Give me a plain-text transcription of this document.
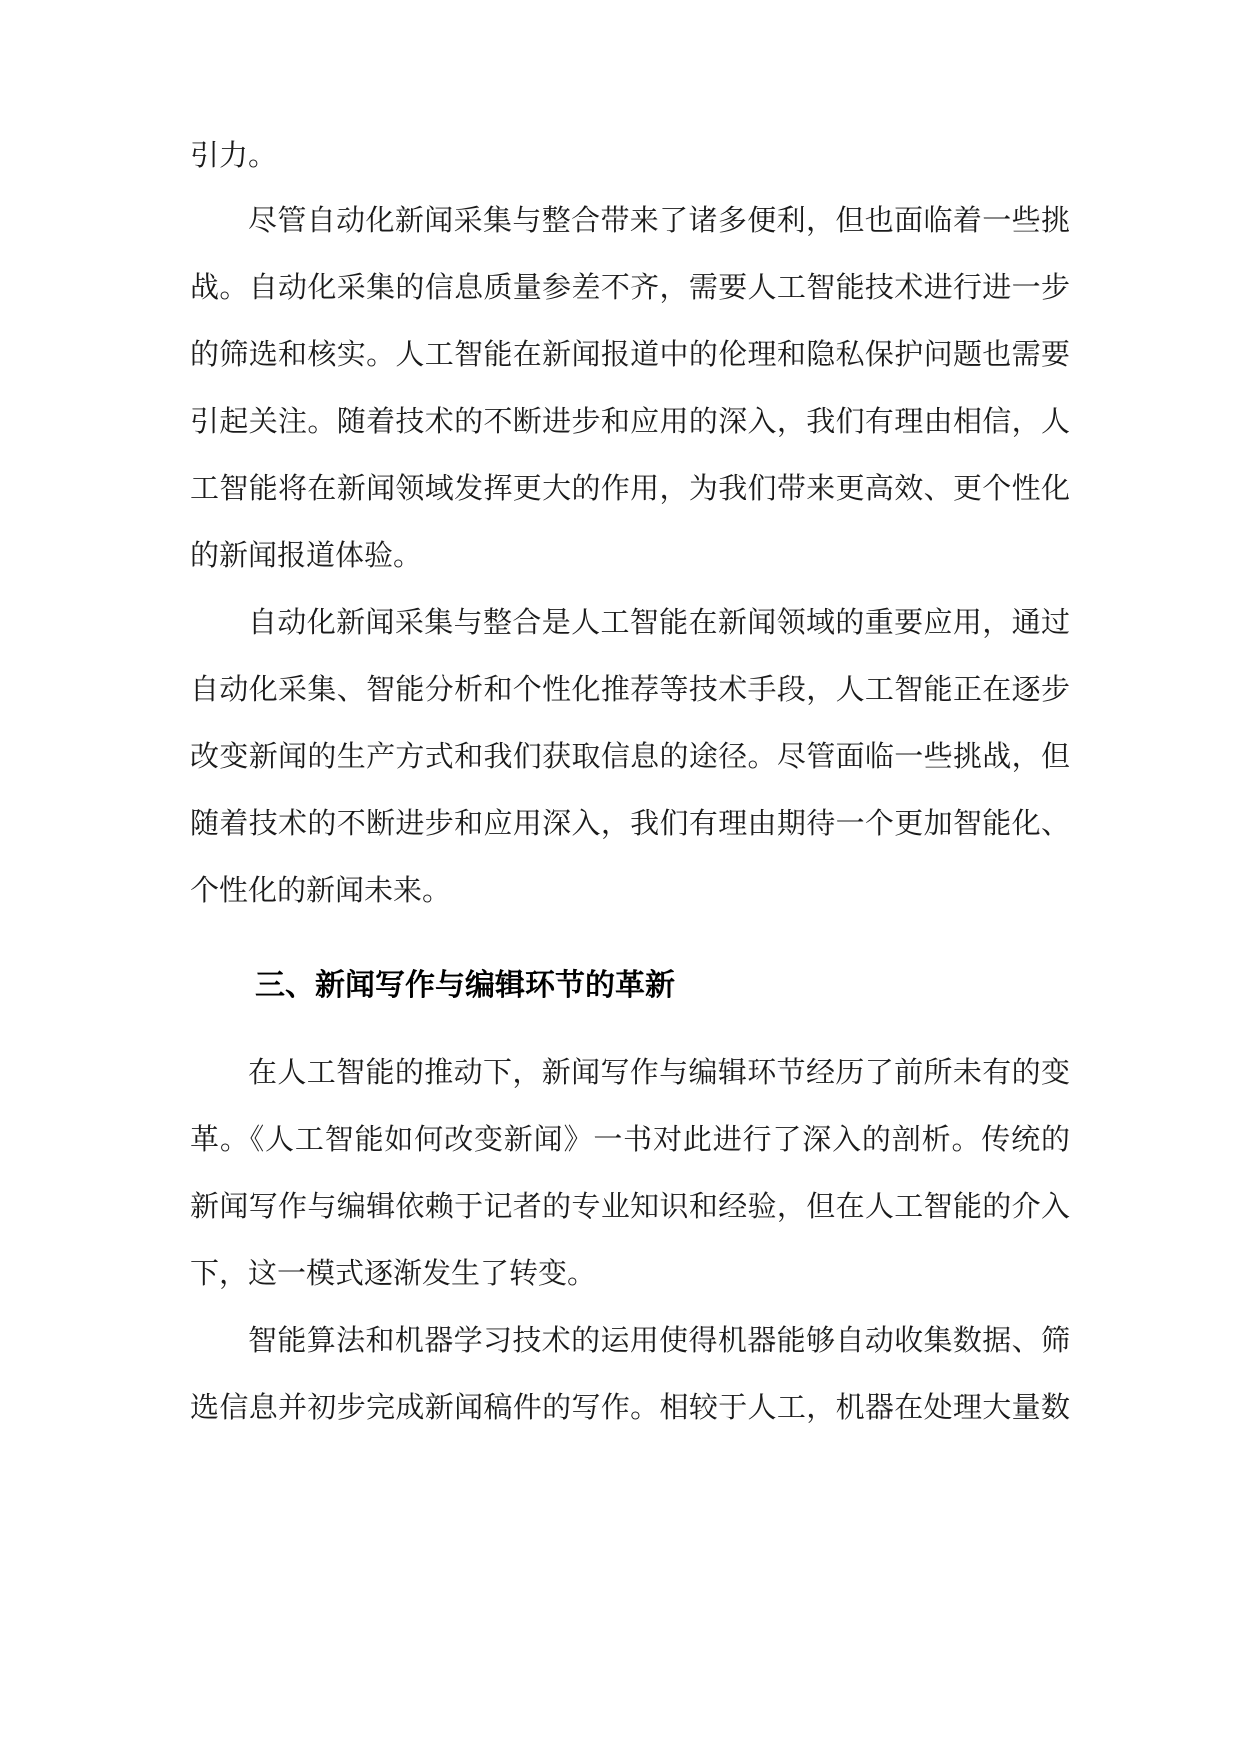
引力。
尽管自动化新闻采集与整合带来了诸多便利，但也面临着一些挑
战。自动化采集的信息质量参差不齐，需要人工智能技术进行进一步
的筛选和核实。人工智能在新闻报道中的伦理和隐私保护问题也需要
引起关注。随着技术的不断进步和应用的深入，我们有理由相信，人
工智能将在新闻领域发挥更大的作用，为我们带来更高效、更个性化
的新闻报道体验。
自动化新闻采集与整合是人工智能在新闻领域的重要应用，通过
自动化采集、智能分析和个性化推荐等技术手段，人工智能正在逐步
改变新闻的生产方式和我们获取信息的途径。尽管面临一些挑战，但
随着技术的不断进步和应用深入，我们有理由期待一个更加智能化、
个性化的新闻未来。
三、新闻写作与编辑环节的革新
在人工智能的推动下，新闻写作与编辑环节经历了前所未有的变
革。《人工智能如何改变新闻》一书对此进行了深入的剖析。传统的
新闻写作与编辑依赖于记者的专业知识和经验，但在人工智能的介入
下，这一模式逐渐发生了转变。
智能算法和机器学习技术的运用使得机器能够自动收集数据、筛
选信息并初步完成新闻稿件的写作。相较于人工，机器在处理大量数
